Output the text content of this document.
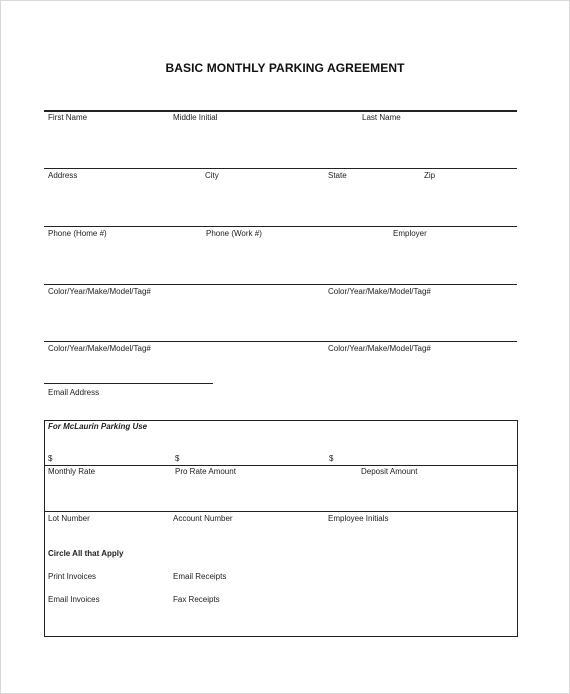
BASIC MONTHLY PARKING AGREEMENT
First Name	Middle Initial	Last Name
Address	City	State	Zip
Phone (Home #)	Phone (Work #)	Employer
Color/Year/Make/Model/Tag#	Color/Year/Make/Model/Tag#
Color/Year/Make/Model/Tag#	Color/Year/Make/Model/Tag#
Email Address
For McLaurin Parking Use
$	$	$
Monthly Rate	Pro Rate Amount	Deposit Amount
Lot Number	Account Number	Employee Initials
Circle All that Apply
Print Invoices	Email Receipts
Email Invoices	Fax Receipts
